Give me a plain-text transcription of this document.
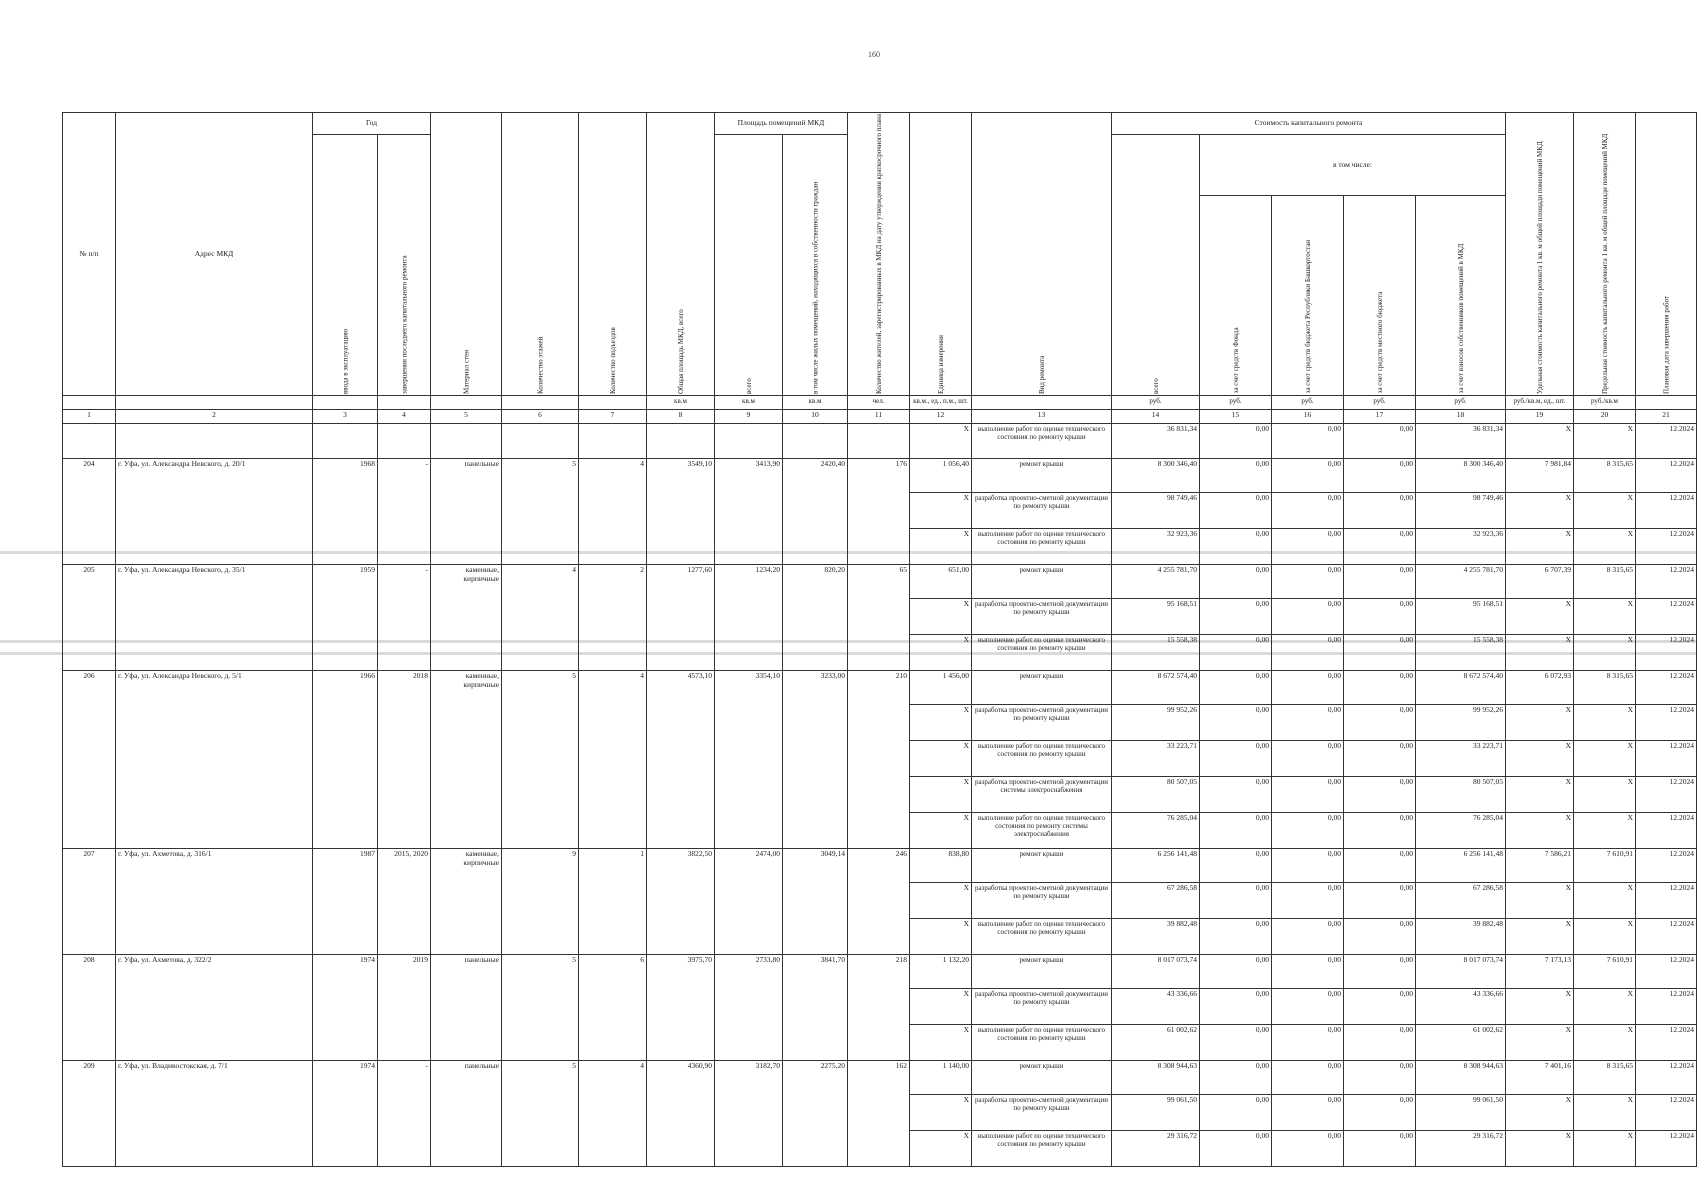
160
№ п/п	Адрес МКД	Год		Материал стен	Количество этажей	Количество подъездов	Общая площадь МКД, всего	Площадь помещений МКД		Количество жителей, зарегистрированных в МКД на дату утверждения краткосрочного плана	Единица измерения	Вид ремонта	Стоимость капитального ремонта					Удельная стоимость капитального ремонта 1 кв. м общей площади помещений МКД	Предельная стоимость капитального ремонта 1 кв. м общей площади помещений МКД	Плановая дата завершения работ
		ввода в эксплуатацию	завершения последнего капитального ремонта					всего	в том числе жилых помещений, находящихся в собственности граждан				всего	в том числе:						
														за счет средств Фонда	за счет средств бюджета Республики Башкортостан	за счет средств местного бюджета	за счет взносов собственников помещений в МКД			
							кв.м	кв.м	кв.м	чел.	кв.м., ед., п.м., шт.		руб.	руб.	руб.	руб.	руб.	руб./кв.м, ед., шт.	руб./кв.м	
1	2	3	4	5	6	7	8	9	10	11	12	13	14	15	16	17	18	19	20	21
											X	выполнение работ по оценке технического состояния по ремонту крыши	36 831,34	0,00	0,00	0,00	36 831,34	X	X	12.2024
204	г. Уфа, ул. Александра Невского, д. 20/1	1968	-	панельные	5	4	3549,10	3413,90	2420,40	176	1 056,40	ремонт крыши	8 300 346,40	0,00	0,00	0,00	8 300 346,40	7 981,84	8 315,65	12.2024
											X	разработка проектно-сметной документации по ремонту крыши	98 749,46	0,00	0,00	0,00	98 749,46	X	X	12.2024
											X	выполнение работ по оценке технического состояния по ремонту крыши	32 923,36	0,00	0,00	0,00	32 923,36	X	X	12.2024
205	г. Уфа, ул. Александра Невского, д. 35/1	1959	-	каменные, кирпичные	4	2	1277,60	1234,20	820,20	65	651,00	ремонт крыши	4 255 781,70	0,00	0,00	0,00	4 255 781,70	6 707,39	8 315,65	12.2024
											X	разработка проектно-сметной документации по ремонту крыши	95 168,51	0,00	0,00	0,00	95 168,51	X	X	12.2024
											X	выполнение работ по оценке технического состояния по ремонту крыши	15 558,38	0,00	0,00	0,00	15 558,38	X	X	12.2024
206	г. Уфа, ул. Александра Невского, д. 5/1	1966	2018	каменные, кирпичные	5	4	4573,10	3354,10	3233,00	210	1 456,00	ремонт крыши	8 672 574,40	0,00	0,00	0,00	8 672 574,40	6 072,93	8 315,65	12.2024
											X	разработка проектно-сметной документации по ремонту крыши	99 952,26	0,00	0,00	0,00	99 952,26	X	X	12.2024
											X	выполнение работ по оценке технического состояния по ремонту крыши	33 223,71	0,00	0,00	0,00	33 223,71	X	X	12.2024
											X	разработка проектно-сметной документации системы электроснабжения	80 507,05	0,00	0,00	0,00	80 507,05	X	X	12.2024
											X	выполнение работ по оценке технического состояния по ремонту системы электроснабжения	76 285,04	0,00	0,00	0,00	76 285,04	X	X	12.2024
207	г. Уфа, ул. Ахметова, д. 316/1	1987	2015, 2020	каменные, кирпичные	9	1	3822,50	2474,00	3049,14	246	838,80	ремонт крыши	6 256 141,48	0,00	0,00	0,00	6 256 141,48	7 586,21	7 610,91	12.2024
											X	разработка проектно-сметной документации по ремонту крыши	67 286,58	0,00	0,00	0,00	67 286,58	X	X	12.2024
											X	выполнение работ по оценке технического состояния по ремонту крыши	39 882,48	0,00	0,00	0,00	39 882,48	X	X	12.2024
208	г. Уфа, ул. Ахметова, д. 322/2	1974	2019	панельные	5	6	3975,70	2733,80	3841,70	218	1 132,20	ремонт крыши	8 017 073,74	0,00	0,00	0,00	8 017 073,74	7 173,13	7 610,91	12.2024
											X	разработка проектно-сметной документации по ремонту крыши	43 336,66	0,00	0,00	0,00	43 336,66	X	X	12.2024
											X	выполнение работ по оценке технического состояния по ремонту крыши	61 002,62	0,00	0,00	0,00	61 002,62	X	X	12.2024
209	г. Уфа, ул. Владивостокская, д. 7/1	1974	-	панельные	5	4	4360,90	3182,70	2275,20	162	1 140,00	ремонт крыши	8 308 944,63	0,00	0,00	0,00	8 308 944,63	7 401,16	8 315,65	12.2024
											X	разработка проектно-сметной документации по ремонту крыши	99 061,50	0,00	0,00	0,00	99 061,50	X	X	12.2024
											X	выполнение работ по оценке технического состояния по ремонту крыши	29 316,72	0,00	0,00	0,00	29 316,72	X	X	12.2024
